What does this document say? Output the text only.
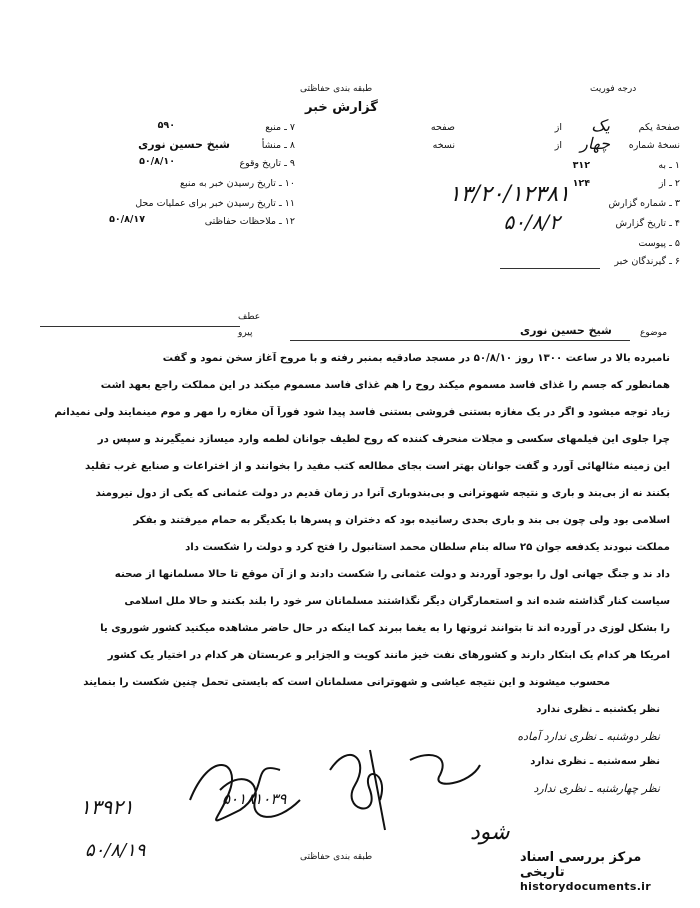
طبقه بندی حفاظتی
گزارش خبر
درجه فوریت
صفحهٔ یکم
از یک
صفحه
نسخهٔ شماره
از چهار
نسخه
۱ ـ به
۳۱۲
۲ ـ از
۱۲۴
۳ ـ شماره گزارش
۱۳/۲۰/۱۲۳۸۱
۴ ـ تاریخ گزارش
۵۰/۸/۲
۵ ـ پیوست
۶ ـ گیرندگان خبر
۷ ـ منبع
۵۹۰
۸ ـ منشأ
شیخ حسین نوری
۹ ـ تاریخ وقوع
۵۰/۸/۱۰
۱۰ ـ تاریخ رسیدن خبر به منبع
۱۱ ـ تاریخ رسیدن خبر برای عملیات محل
۱۲ ـ ملاحظات حفاظتی
۵۰/۸/۱۷
عطف
پیرو	موضوع
شیخ حسین نوری
نامبرده بالا در ساعت ۱۳۰۰ روز ۵۰/۸/۱۰ در مسجد صادقیه بمنبر رفته و با مروح آغاز سخن نمود و گفت
همانطور که جسم را غذای فاسد مسموم میکند روح را هم غذای فاسد مسموم میکند در این مملکت راجع بعهد اشت
زیاد توجه میشود و اگر در یک مغازه بستنی فروشی بستنی فاسد پیدا شود فوراً آن مغازه را مهر و موم مینمایند ولی نمیدانم
چرا جلوی این فیلمهای سکسی و مجلات منحرف کننده که روح لطیف جوانان لطمه وارد میسازد نمیگیرند و سپس در
این زمینه مثالهائی آورد و گفت جوانان بهتر است بجای مطالعه کتب مفید را بخوانند و از اختراعات و صنایع غرب تقلید
بکنند نه از بی‌بند و باری و نتیجه شهوترانی و بی‌بندوباری آنرا در زمان قدیم در دولت عثمانی که یکی از دول نیرومند
اسلامی بود ولی چون بی بند و باری بحدی رسانیده بود که دختران و پسرها با یکدیگر به حمام میرفتند و بفکر
مملکت نبودند یکدفعه جوان ۲۵ ساله بنام سلطان محمد استانبول را فتح کرد و دولت را شکست داد
داد ند و جنگ جهانی اول را بوجود آوردند و دولت عثمانی را شکست دادند و از آن موقع تا حالا مسلمانها از صحنه
سیاست کنار گذاشته شده اند و استعمارگران دیگر نگذاشتند مسلمانان سر خود را بلند بکنند و حالا ملل اسلامی
را بشکل لوزی در آورده اند تا بتوانند ثروتها را به یغما ببرند کما اینکه در حال حاضر مشاهده میکنید کشور شوروی یا
امریکا هر کدام یک ابتکار دارند و کشورهای نفت خیز مانند کویت و الجزایر و عربستان هر کدام در اختیار یک کشور
محسوب میشوند و این نتیجه عیاشی و شهوترانی مسلمانان است که بایستی تحمل چنین شکست را بنمایند
نظر یکشنبه ـ نظری ندارد
نظر دوشنبه ـ نظری ندارد آماده
نظر سه‌شنبه ـ نظری ندارد
نظر چهارشنبه ـ نظری ندارد
۱۳۹۲۱
۵۰/۸/۱۹
۵۰۱۸۱۰۳۹
شود
طبقه بندی حفاظتی	مرکز بررسی اسناد تاریخی
historydocuments.ir
